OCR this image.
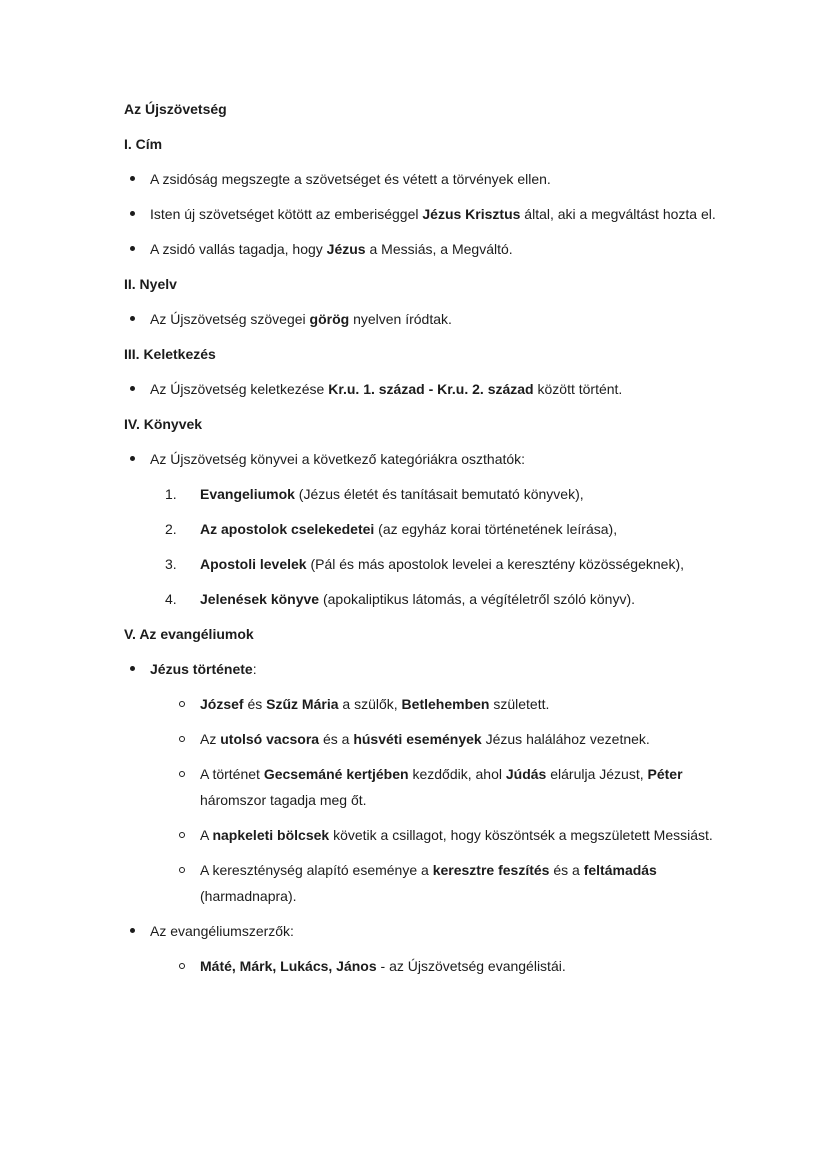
Az Újszövetség
I. Cím
A zsidóság megszegte a szövetséget és vétett a törvények ellen.
Isten új szövetséget kötött az emberiséggel Jézus Krisztus által, aki a megváltást hozta el.
A zsidó vallás tagadja, hogy Jézus a Messiás, a Megváltó.
II. Nyelv
Az Újszövetség szövegei görög nyelven íródtak.
III. Keletkezés
Az Újszövetség keletkezése Kr.u. 1. század - Kr.u. 2. század között történt.
IV. Könyvek
Az Újszövetség könyvei a következő kategóriákra oszthatók:
1. Evangeliumok (Jézus életét és tanításait bemutató könyvek),
2. Az apostolok cselekedetei (az egyház korai történetének leírása),
3. Apostoli levelek (Pál és más apostolok levelei a keresztény közösségeknek),
4. Jelenések könyve (apokaliptikus látomás, a végítéletről szóló könyv).
V. Az evangéliumok
Jézus története:
József és Szűz Mária a szülők, Betlehemben született.
Az utolsó vacsora és a húsvéti események Jézus halálához vezetnek.
A történet Gecsemáné kertjében kezdődik, ahol Júdás elárulja Jézust, Péter háromszor tagadja meg őt.
A napkeleti bölcsek követik a csillagot, hogy köszöntsék a megszületett Messiást.
A kereszténység alapító eseménye a keresztre feszítés és a feltámadás (harmadnapra).
Az evangéliumszerzők:
Máté, Márk, Lukács, János - az Újszövetség evangélistái.
